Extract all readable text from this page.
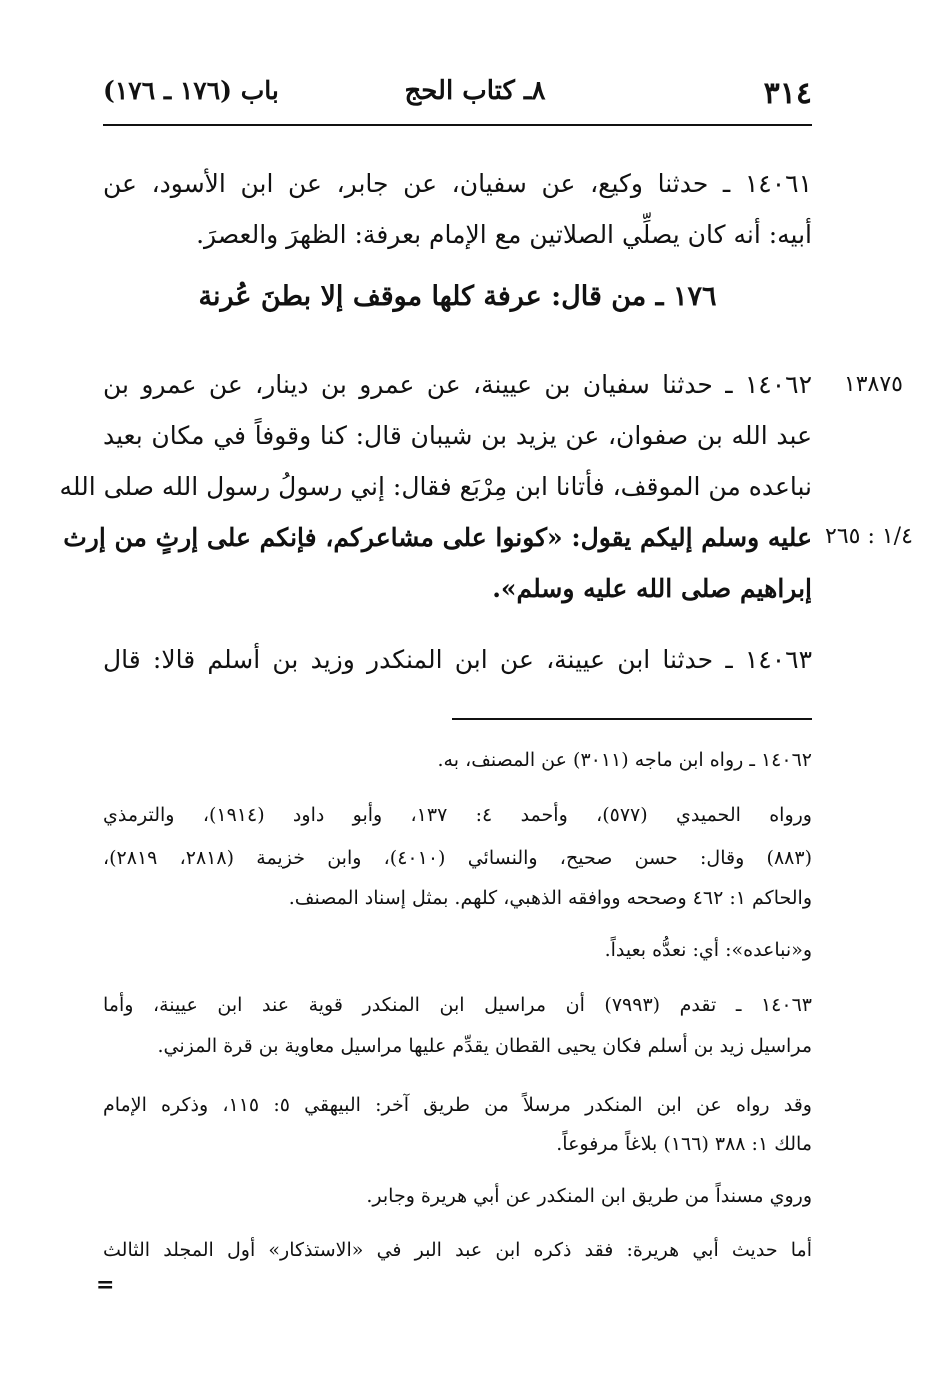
٣١٤
٨ـ كتاب الحج
باب (١٧٦ ـ ١٧٦)
١٤٠٦١ ـ حدثنا وكيع، عن سفيان، عن جابر، عن ابن الأسود، عن
أبيه: أنه كان يصلِّي الصلاتين مع الإمام بعرفة: الظهرَ والعصرَ.
١٧٦ ـ من قال: عرفة كلها موقف إلا بطنَ عُرنة
١٣٨٧٥
١٤٠٦٢ ـ حدثنا سفيان بن عيينة، عن عمرو بن دينار، عن عمرو بن
عبد الله بن صفوان، عن يزيد بن شيبان قال: كنا وقوفاً في مكان بعيد
نباعده من الموقف، فأتانا ابن مِرْبَع فقال: إني رسولُ رسول الله صلى الله
١/٤ : ٢٦٥
عليه وسلم إليكم يقول: «كونوا على مشاعركم، فإنكم على إرثٍ من إرث
إبراهيم صلى الله عليه وسلم».
١٤٠٦٣ ـ حدثنا ابن عيينة، عن ابن المنكدر وزيد بن أسلم قالا: قال
١٤٠٦٢ ـ رواه ابن ماجه (٣٠١١) عن المصنف، به.
ورواه الحميدي (٥٧٧)، وأحمد ٤: ١٣٧، وأبو داود (١٩١٤)، والترمذي
(٨٨٣) وقال: حسن صحيح، والنسائي (٤٠١٠)، وابن خزيمة (٢٨١٨، ٢٨١٩)،
والحاكم ١: ٤٦٢ وصححه ووافقه الذهبي، كلهم. بمثل إسناد المصنف.
و«نباعده»: أي: نعدُّه بعيداً.
١٤٠٦٣ ـ تقدم (٧٩٩٣) أن مراسيل ابن المنكدر قوية عند ابن عيينة، وأما
مراسيل زيد بن أسلم فكان يحيى القطان يقدِّم عليها مراسيل معاوية بن قرة المزني.
وقد رواه عن ابن المنكدر مرسلاً من طريق آخر: البيهقي ٥: ١١٥، وذكره الإمام
مالك ١: ٣٨٨ (١٦٦) بلاغاً مرفوعاً.
وروي مسنداً من طريق ابن المنكدر عن أبي هريرة وجابر.
أما حديث أبي هريرة: فقد ذكره ابن عبد البر في «الاستذكار» أول المجلد الثالث
=
